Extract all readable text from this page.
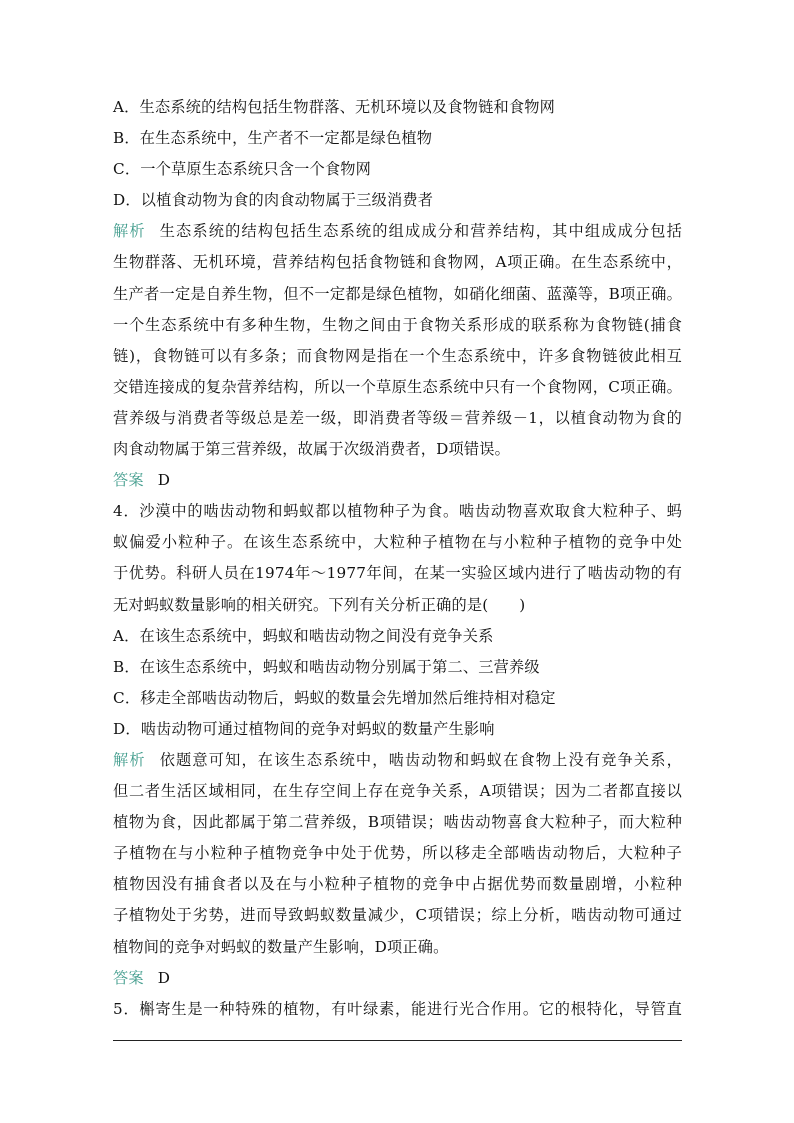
A．生态系统的结构包括生物群落、无机环境以及食物链和食物网
B．在生态系统中，生产者不一定都是绿色植物
C．一个草原生态系统只含一个食物网
D．以植食动物为食的肉食动物属于三级消费者
解析 生态系统的结构包括生态系统的组成成分和营养结构，其中组成成分包括
生物群落、无机环境，营养结构包括食物链和食物网，A项正确。在生态系统中，
生产者一定是自养生物，但不一定都是绿色植物，如硝化细菌、蓝藻等，B项正确。
一个生态系统中有多种生物，生物之间由于食物关系形成的联系称为食物链(捕食
链)，食物链可以有多条；而食物网是指在一个生态系统中，许多食物链彼此相互
交错连接成的复杂营养结构，所以一个草原生态系统中只有一个食物网，C项正确。
营养级与消费者等级总是差一级，即消费者等级＝营养级－1，以植食动物为食的
肉食动物属于第三营养级，故属于次级消费者，D项错误。
答案 D
4．沙漠中的啮齿动物和蚂蚁都以植物种子为食。啮齿动物喜欢取食大粒种子、蚂
蚁偏爱小粒种子。在该生态系统中，大粒种子植物在与小粒种子植物的竞争中处
于优势。科研人员在1974年～1977年间，在某一实验区域内进行了啮齿动物的有
无对蚂蚁数量影响的相关研究。下列有关分析正确的是(　　)
A．在该生态系统中，蚂蚁和啮齿动物之间没有竞争关系
B．在该生态系统中，蚂蚁和啮齿动物分别属于第二、三营养级
C．移走全部啮齿动物后，蚂蚁的数量会先增加然后维持相对稳定
D．啮齿动物可通过植物间的竞争对蚂蚁的数量产生影响
解析 依题意可知，在该生态系统中，啮齿动物和蚂蚁在食物上没有竞争关系，
但二者生活区域相同，在生存空间上存在竞争关系，A项错误；因为二者都直接以
植物为食，因此都属于第二营养级，B项错误；啮齿动物喜食大粒种子，而大粒种
子植物在与小粒种子植物竞争中处于优势，所以移走全部啮齿动物后，大粒种子
植物因没有捕食者以及在与小粒种子植物的竞争中占据优势而数量剧增，小粒种
子植物处于劣势，进而导致蚂蚁数量减少，C项错误；综上分析，啮齿动物可通过
植物间的竞争对蚂蚁的数量产生影响，D项正确。
答案 D
5．槲寄生是一种特殊的植物，有叶绿素，能进行光合作用。它的根特化，导管直
